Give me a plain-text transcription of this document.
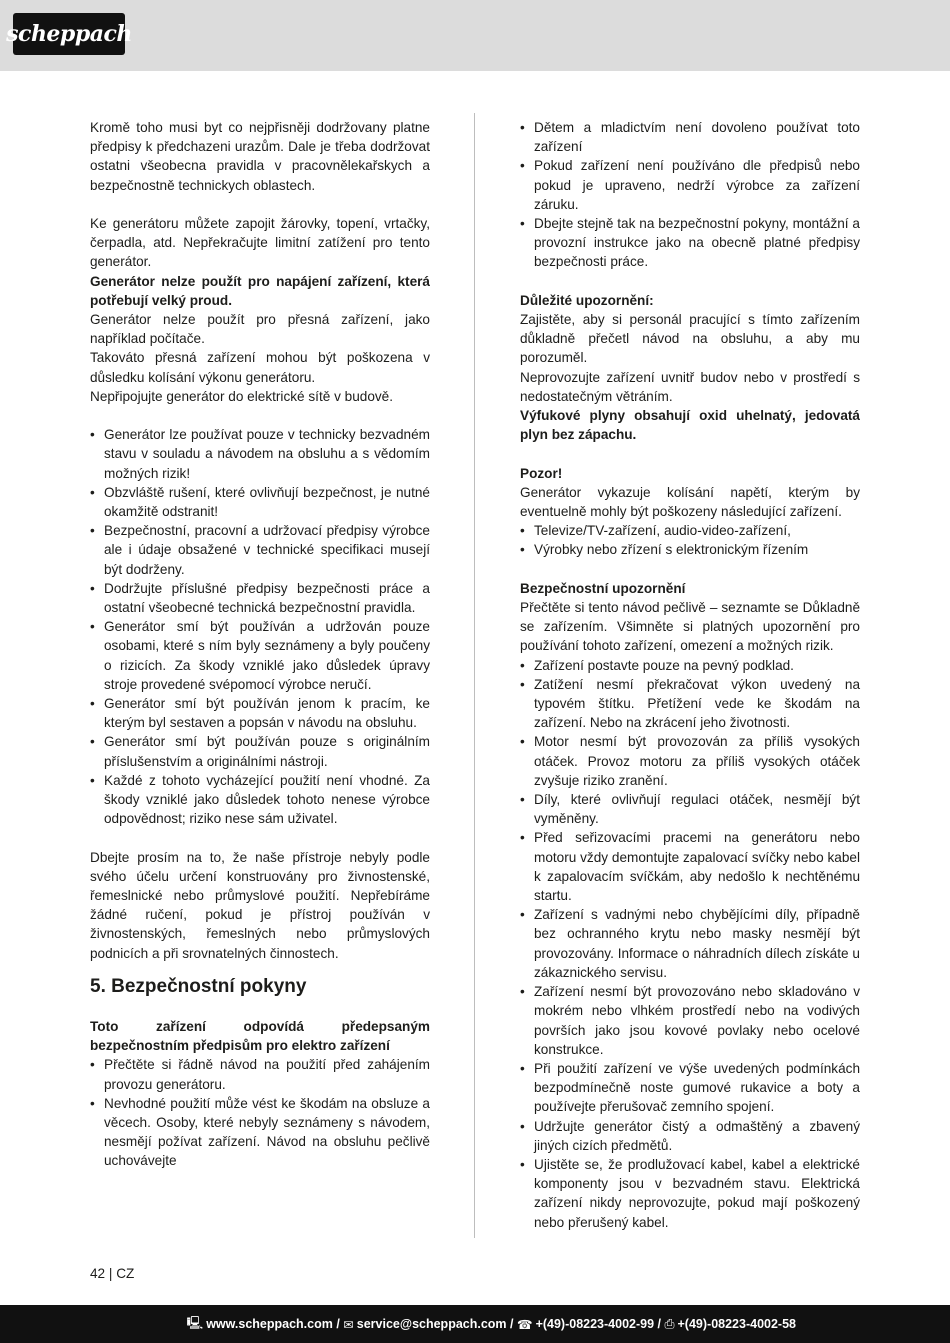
scheppach

Kromě toho musi byt co nejpřisněji dodržovany platne předpisy k předchazeni urazům. Dale je třeba dodržovat ostatni všeobecna pravidla v pracovnělekařskych a bezpečnostně technickych oblastech.

Ke generátoru můžete zapojit žárovky, topení, vrtačky, čerpadla, atd. Nepřekračujte limitní zatížení pro tento generátor.

Generátor nelze použít pro napájení zařízení, která potřebují velký proud.

Generátor nelze použít pro přesná zařízení, jako například počítače.

Takováto přesná zařízení mohou být poškozena v důsledku kolísání výkonu generátoru.

Nepřipojujte generátor do elektrické sítě v budově.

• Generátor lze používat pouze v technicky bezvadném stavu v souladu a návodem na obsluhu a s vědomím možných rizik!
• Obzvláště rušení, které ovlivňují bezpečnost, je nutné okamžitě odstranit!
• Bezpečnostní, pracovní a udržovací předpisy výrobce ale i údaje obsažené v technické specifikaci musejí být dodrženy.
• Dodržujte příslušné předpisy bezpečnosti práce a ostatní všeobecné technická bezpečnostní pravidla.
• Generátor smí být používán a udržován pouze osobami, které s ním byly seznámeny a byly poučeny o rizicích. Za škody vzniklé jako důsledek úpravy stroje provedené svépomocí výrobce neručí.
• Generátor smí být používán jenom k pracím, ke kterým byl sestaven a popsán v návodu na obsluhu.
• Generátor smí být používán pouze s originálním příslušenstvím a originálními nástroji.
• Každé z tohoto vycházející použití není vhodné. Za škody vzniklé jako důsledek tohoto nenese výrobce odpovědnost; riziko nese sám uživatel.

Dbejte prosím na to, že naše přístroje nebyly podle svého účelu určení konstruovány pro živnostenské, řemeslnické nebo průmyslové použití. Nepřebíráme žádné ručení, pokud je přístroj používán v živnostenských, řemeslných nebo průmyslových podnicích a při srovnatelných činnostech.

5. Bezpečnostní pokyny

Toto zařízení odpovídá předepsaným bezpečnostním předpisům pro elektro zařízení

• Přečtěte si řádně návod na použití před zahájením provozu generátoru.
• Nevhodné použití může vést ke škodám na obsluze a věcech. Osoby, které nebyly seznámeny s návodem, nesmějí požívat zařízení. Návod na obsluhu pečlivě uchovávejte
• Dětem a mladictvím není dovoleno používat toto zařízení
• Pokud zařízení není používáno dle předpisů nebo pokud je upraveno, nedrží výrobce za zařízení záruku.
• Dbejte stejně tak na bezpečnostní pokyny, montážní a provozní instrukce jako na obecně platné předpisy bezpečnosti práce.

Důležité upozornění:

Zajistěte, aby si personál pracující s tímto zařízením důkladně přečetl návod na obsluhu, a aby mu porozuměl.

Neprovozujte zařízení uvnitř budov nebo v prostředí s nedostatečným větráním.

Výfukové plyny obsahují oxid uhelnatý, jedovatá plyn bez zápachu.

Pozor!

Generátor vykazuje kolísání napětí, kterým by eventuelně mohly být poškozeny následující zařízení.

• Televize/TV-zařízení, audio-video-zařízení,
• Výrobky nebo zřízení s elektronickým řízením

Bezpečnostní upozornění

Přečtěte si tento návod pečlivě – seznamte se Důkladně se zařízením. Všimněte si platných upozornění pro používání tohoto zařízení, omezení a možných rizik.

• Zařízení postavte pouze na pevný podklad.
• Zatížení nesmí překračovat výkon uvedený na typovém štítku. Přetížení vede ke škodám na zařízení. Nebo na zkrácení jeho životnosti.
• Motor nesmí být provozován za příliš vysokých otáček. Provoz motoru za příliš vysokých otáček zvyšuje riziko zranění.
• Díly, které ovlivňují regulaci otáček, nesmějí být vyměněny.
• Před seřizovacími pracemi na generátoru nebo motoru vždy demontujte zapalovací svíčky nebo kabel k zapalovacím svíčkám, aby nedošlo k nechtěnému startu.
• Zařízení s vadnými nebo chybějícími díly, případně bez ochranného krytu nebo masky nesmějí být provozovány. Informace o náhradních dílech získáte u zákaznického servisu.
• Zařízení nesmí být provozováno nebo skladováno v mokrém nebo vlhkém prostředí nebo na vodivých površích jako jsou kovové povlaky nebo ocelové konstrukce.
• Při použití zařízení ve výše uvedených podmínkách bezpodmínečně noste gumové rukavice a boty a používejte přerušovač zemního spojení.
• Udržujte generátor čistý a odmaštěný a zbavený jiných cizích předmětů.
• Ujistěte se, že prodlužovací kabel, kabel a elektrické komponenty jsou v bezvadném stavu. Elektrická zařízení nikdy neprovozujte, pokud mají poškozený nebo přerušený kabel.
42 | CZ
🖳 www.scheppach.com /
✉ service@scheppach.com /
☎ +(49)-08223-4002-99 /
⎙ +(49)-08223-4002-58
